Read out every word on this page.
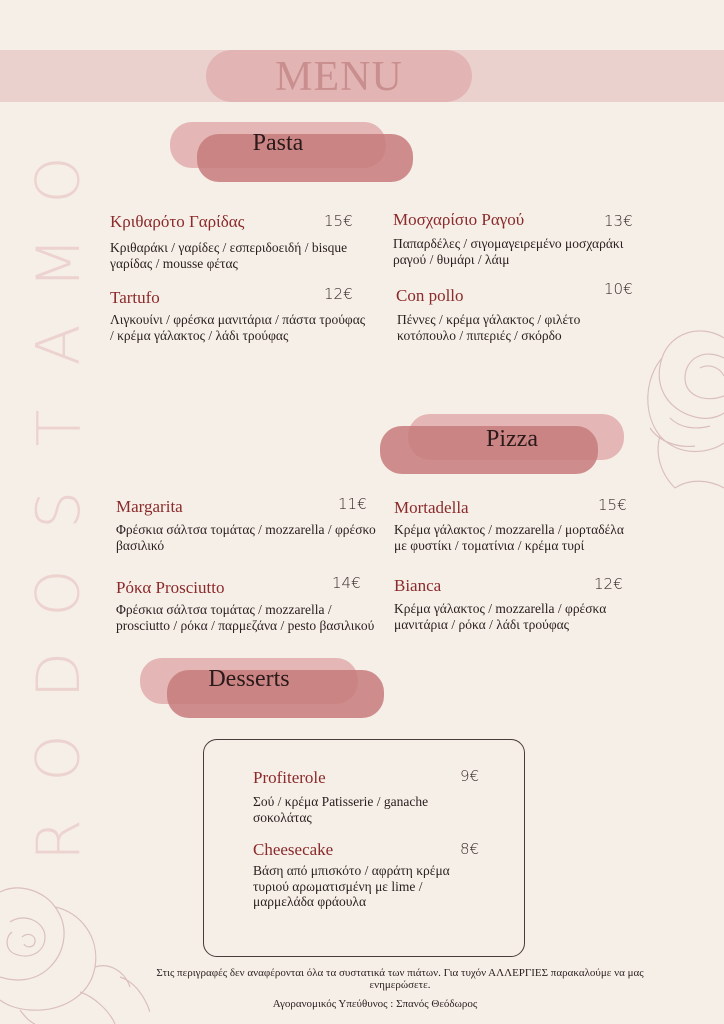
MENU
O
M
A
T
S
O
D
O
R
Pasta
Κριθαρότο Γαρίδας	15€
Κριθαράκι / γαρίδες / εσπεριδοειδή / bisque γαρίδας / mousse φέτας
Μοσχαρίσιο Ραγού	13€
Παπαρδέλες / σιγομαγειρεμένο μοσχαράκι ραγού / θυμάρι / λάιμ
Tartufo	12€
Λιγκουίνι / φρέσκα μανιτάρια / πάστα τρούφας / κρέμα γάλακτος / λάδι τρούφας
Con pollo	10€
Πέννες / κρέμα γάλακτος / φιλέτο κοτόπουλο / πιπεριές / σκόρδο
Pizza
Margarita	11€
Φρέσκια σάλτσα τομάτας / mozzarella / φρέσκο βασιλικό
Mortadella	15€
Κρέμα γάλακτος / mozzarella / μορταδέλα με φυστίκι / τοματίνια / κρέμα τυρί
Ρόκα Prosciutto	14€
Φρέσκια σάλτσα τομάτας / mozzarella / prosciutto / ρόκα / παρμεζάνα / pesto βασιλικού
Bianca	12€
Κρέμα γάλακτος / mozzarella / φρέσκα μανιτάρια / ρόκα / λάδι τρούφας
Desserts
Profiterole	9€
Σού / κρέμα Patisserie / ganache σοκολάτας
Cheesecake	8€
Βάση από μπισκότο / αφράτη κρέμα τυριού αρωματισμένη με lime / μαρμελάδα φράουλα
Στις περιγραφές δεν αναφέρονται όλα τα συστατικά των πιάτων. Για τυχόν ΑΛΛΕΡΓΙΕΣ παρακαλούμε να μας ενημερώσετε.
Αγορανομικός Υπεύθυνος : Σπανός Θεόδωρος
